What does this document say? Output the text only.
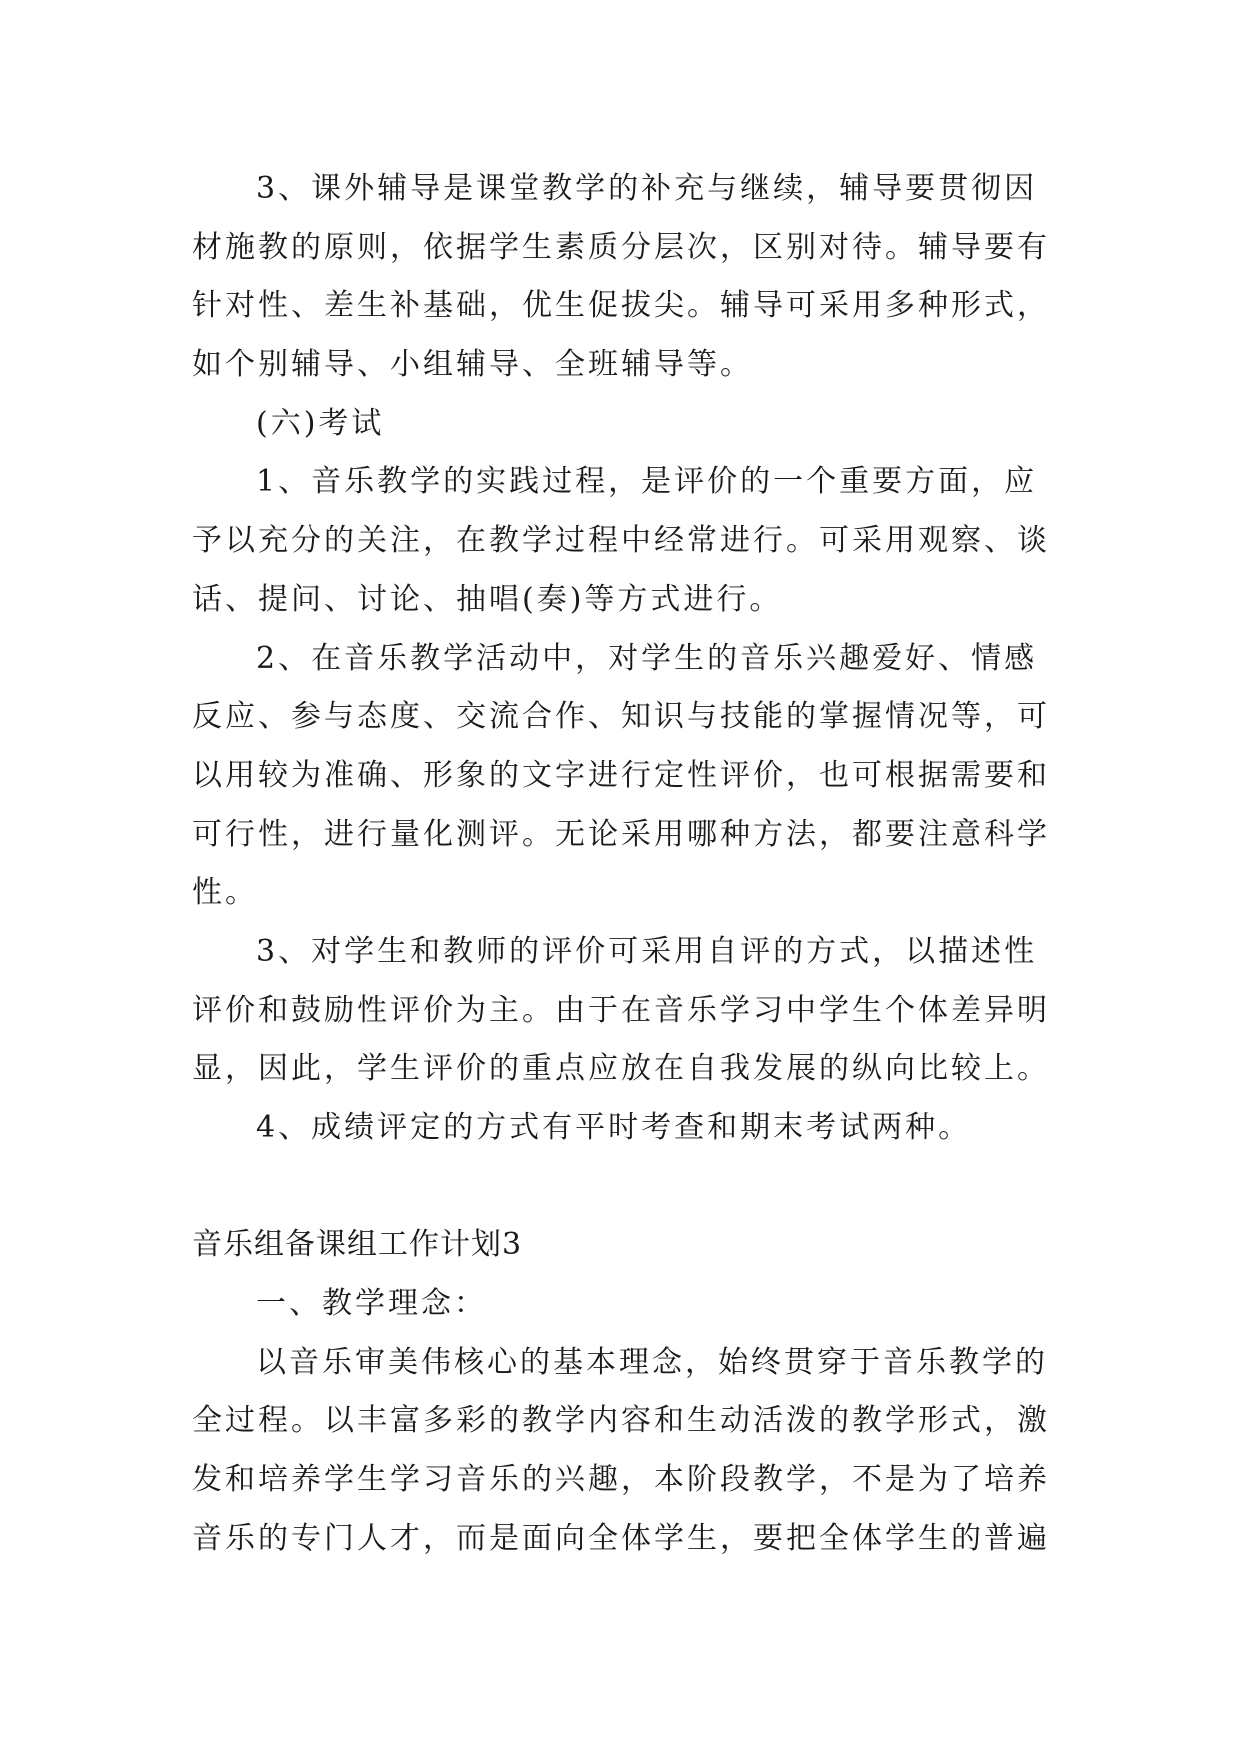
3、课外辅导是课堂教学的补充与继续，辅导要贯彻因
材施教的原则，依据学生素质分层次，区别对待。辅导要有
针对性、差生补基础，优生促拔尖。辅导可采用多种形式，
如个别辅导、小组辅导、全班辅导等。
(六)考试
1、音乐教学的实践过程，是评价的一个重要方面，应
予以充分的关注，在教学过程中经常进行。可采用观察、谈
话、提问、讨论、抽唱(奏)等方式进行。
2、在音乐教学活动中，对学生的音乐兴趣爱好、情感
反应、参与态度、交流合作、知识与技能的掌握情况等，可
以用较为准确、形象的文字进行定性评价，也可根据需要和
可行性，进行量化测评。无论采用哪种方法，都要注意科学
性。
3、对学生和教师的评价可采用自评的方式，以描述性
评价和鼓励性评价为主。由于在音乐学习中学生个体差异明
显，因此，学生评价的重点应放在自我发展的纵向比较上。
4、成绩评定的方式有平时考查和期末考试两种。
音乐组备课组工作计划3
一、教学理念：
以音乐审美伟核心的基本理念，始终贯穿于音乐教学的
全过程。以丰富多彩的教学内容和生动活泼的教学形式，激
发和培养学生学习音乐的兴趣，本阶段教学，不是为了培养
音乐的专门人才，而是面向全体学生，要把全体学生的普遍
